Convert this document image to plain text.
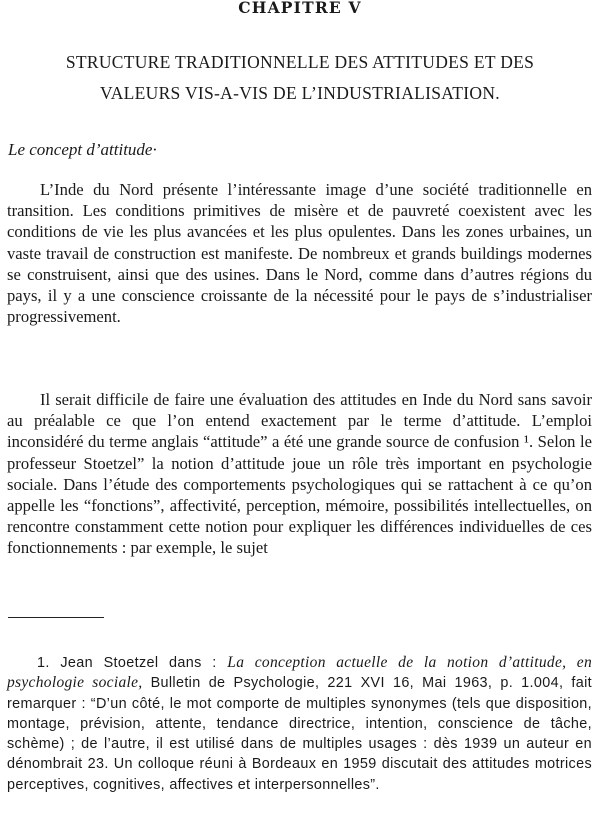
CHAPITRE V
STRUCTURE TRADITIONNELLE DES ATTITUDES ET DES VALEURS VIS-A-VIS DE L’INDUSTRIALISATION.
Le concept d’attitude·

L’Inde du Nord présente l’intéressante image d’une société traditionnelle en transition. Les conditions primitives de misère et de pauvreté coexistent avec les conditions de vie les plus avancées et les plus opulentes. Dans les zones urbaines, un vaste travail de construction est manifeste. De nombreux et grands buildings modernes se construisent, ainsi que des usines. Dans le Nord, comme dans d’autres régions du pays, il y a une conscience croissante de la nécessité pour le pays de s’industrialiser progressivement.

Il serait difficile de faire une évaluation des attitudes en Inde du Nord sans savoir au préalable ce que l’on entend exactement par le terme d’attitude. L’emploi inconsidéré du terme anglais “attitude” a été une grande source de confusion ¹. Selon le professeur Stoetzel” la notion d’attitude joue un rôle très important en psychologie sociale. Dans l’étude des comportements psychologiques qui se rattachent à ce qu’on appelle les “fonctions”, affectivité, perception, mémoire, possibilités intellectuelles, on rencontre constamment cette notion pour expliquer les différences individuelles de ces fonctionnements : par exemple, le sujet

1. Jean Stoetzel dans : La conception actuelle de la notion d’attitude, en psychologie sociale, Bulletin de Psychologie, 221 XVI 16, Mai 1963, p. 1.004, fait remarquer : “D’un côté, le mot comporte de multiples synonymes (tels que disposition, montage, prévision, attente, tendance directrice, intention, conscience de tâche, schème) ; de l’autre, il est utilisé dans de multiples usages : dès 1939 un auteur en dénombrait 23. Un colloque réuni à Bordeaux en 1959 discutait des attitudes motrices perceptives, cognitives, affectives et interpersonnelles”.
